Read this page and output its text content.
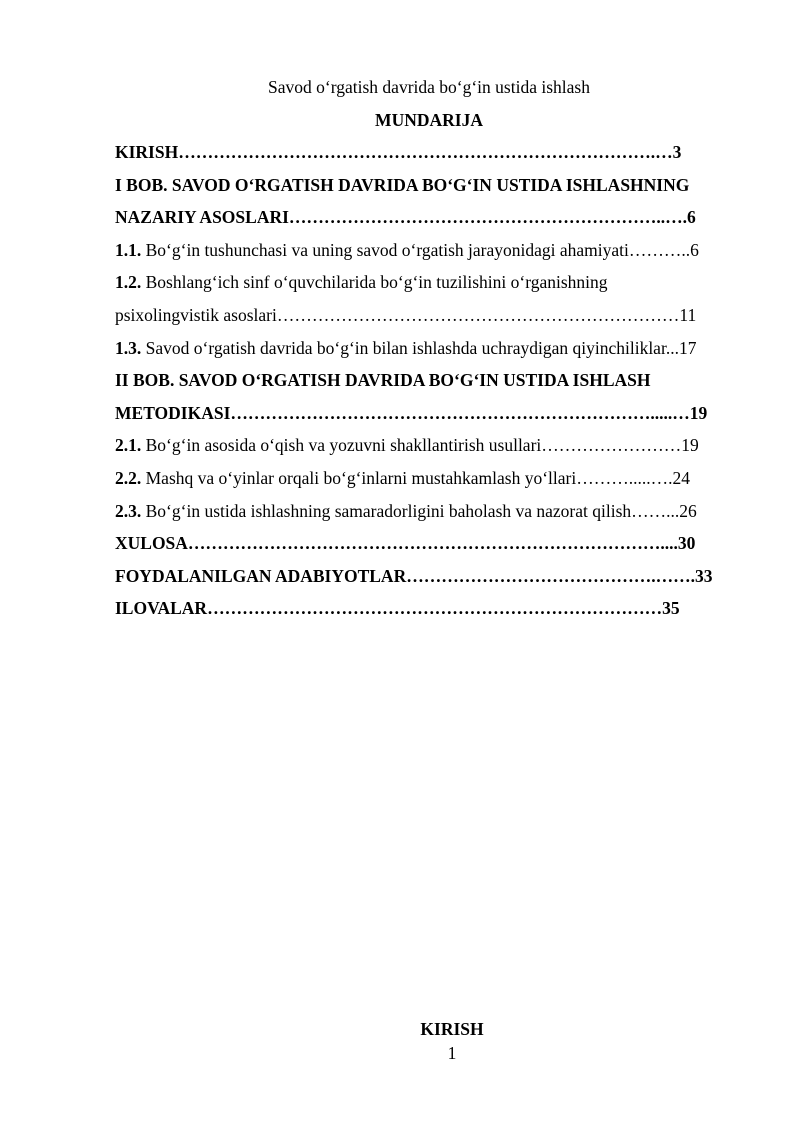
Savod o‘rgatish davrida bo‘g‘in ustida ishlash
MUNDARIJA
KIRISH……………………………………………………………………….…3
I BOB. SAVOD O‘RGATISH DAVRIDA BO‘G‘IN USTIDA ISHLASHNING
NAZARIY ASOSLARI………………………………………………………..….6
1.1. Bo‘g‘in tushunchasi va uning savod o‘rgatish jarayonidagi ahamiyati………..6
1.2. Boshlang‘ich sinf o‘quvchilarida bo‘g‘in tuzilishini o‘rganishning
psixolingvistik asoslari……………………………………………………………11
1.3. Savod o‘rgatish davrida bo‘g‘in bilan ishlashda uchraydigan qiyinchiliklar...17
II BOB. SAVOD O‘RGATISH DAVRIDA BO‘G‘IN USTIDA ISHLASH
METODIKASI……………………………………………………………….....…19
2.1. Bo‘g‘in asosida o‘qish va yozuvni shakllantirish usullari……………………19
2.2. Mashq va o‘yinlar orqali bo‘g‘inlarni mustahkamlash yo‘llari……….....….24
2.3. Bo‘g‘in ustida ishlashning samaradorligini baholash va nazorat qilish……...26
XULOSA………………………………………………………………………....30
FOYDALANILGAN ADABIYOTLAR…………………………………….…….33
ILOVALAR……………………………………………………………………35
KIRISH
1
